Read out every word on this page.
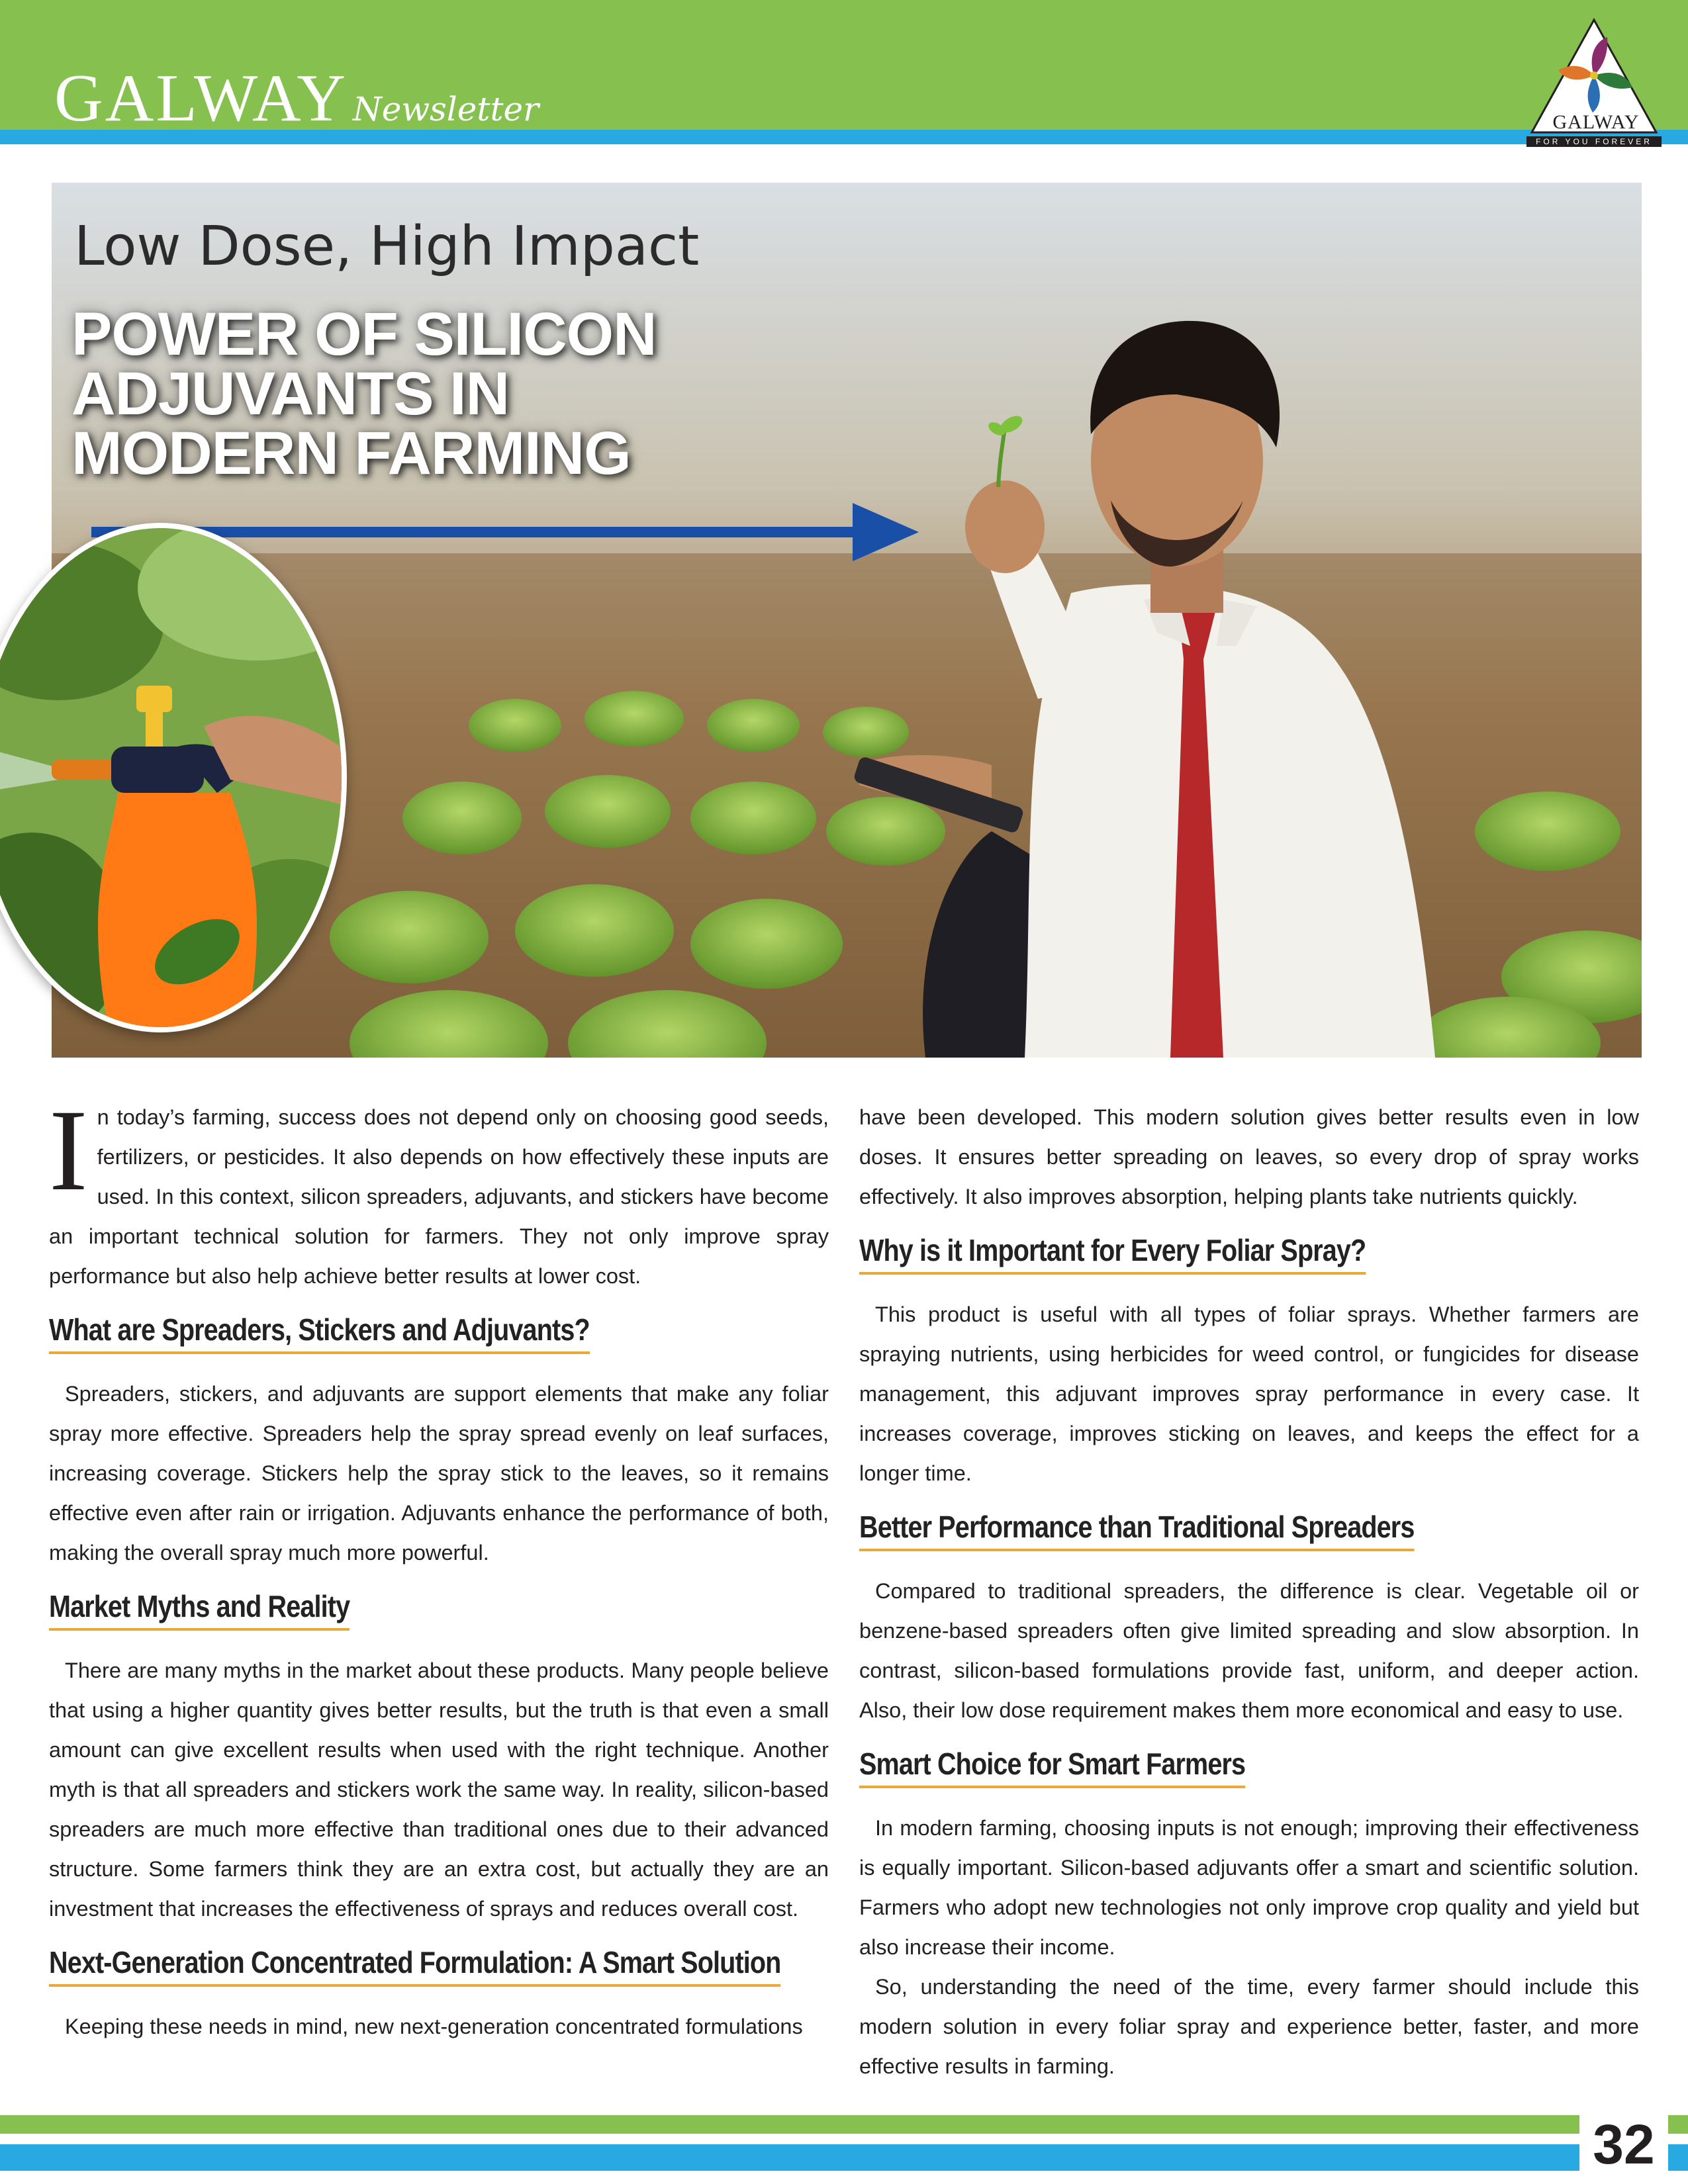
GALWAY Newsletter	GALWAY
FOR YOU FOREVER
Low Dose, High Impact
POWER OF SILICON
ADJUVANTS IN
MODERN FARMING

In today’s farming, success does not depend only on choosing good seeds, fertilizers, or pesticides. It also depends on how effectively these inputs are used. In this context, silicon spreaders, adjuvants, and stickers have become an important technical solution for farmers. They not only improve spray performance but also help achieve better results at lower cost.

What are Spreaders, Stickers and Adjuvants?

Spreaders, stickers, and adjuvants are support elements that make any foliar spray more effective. Spreaders help the spray spread evenly on leaf surfaces, increasing coverage. Stickers help the spray stick to the leaves, so it remains effective even after rain or irrigation. Adjuvants enhance the performance of both, making the overall spray much more powerful.

Market Myths and Reality

There are many myths in the market about these products. Many people believe that using a higher quantity gives better results, but the truth is that even a small amount can give excellent results when used with the right technique. Another myth is that all spreaders and stickers work the same way. In reality, silicon-based spreaders are much more effective than traditional ones due to their advanced structure. Some farmers think they are an extra cost, but actually they are an investment that increases the effectiveness of sprays and reduces overall cost.

Next-Generation Concentrated Formulation: A Smart Solution

Keeping these needs in mind, new next-generation concentrated formulations

have been developed. This modern solution gives better results even in low doses. It ensures better spreading on leaves, so every drop of spray works effectively. It also improves absorption, helping plants take nutrients quickly.

Why is it Important for Every Foliar Spray?

This product is useful with all types of foliar sprays. Whether farmers are spraying nutrients, using herbicides for weed control, or fungicides for disease management, this adjuvant improves spray performance in every case. It increases coverage, improves sticking on leaves, and keeps the effect for a longer time.

Better Performance than Traditional Spreaders

Compared to traditional spreaders, the difference is clear. Vegetable oil or benzene-based spreaders often give limited spreading and slow absorption. In contrast, silicon-based formulations provide fast, uniform, and deeper action. Also, their low dose requirement makes them more economical and easy to use.

Smart Choice for Smart Farmers

In modern farming, choosing inputs is not enough; improving their effectiveness is equally important. Silicon-based adjuvants offer a smart and scientific solution. Farmers who adopt new technologies not only improve crop quality and yield but also increase their income.

So, understanding the need of the time, every farmer should include this modern solution in every foliar spray and experience better, faster, and more effective results in farming.

32
